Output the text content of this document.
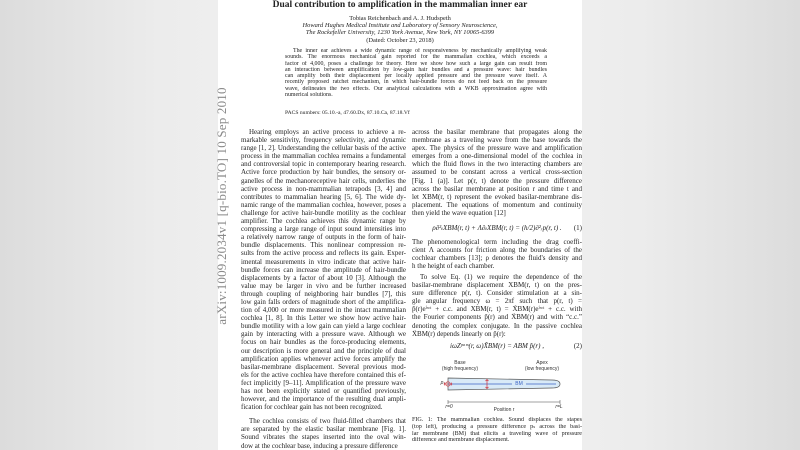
Dual contribution to amplification in the mammalian inner ear
Tobias Reichenbach and A. J. Hudspeth
Howard Hughes Medical Institute and Laboratory of Sensory Neuroscience,
The Rockefeller University, 1230 York Avenue, New York, NY 10065-6399
(Dated: October 23, 2018)
The inner ear achieves a wide dynamic range of responsiveness by mechanically amplifying weak
sounds. The enormous mechanical gain reported for the mammalian cochlea, which exceeds a
factor of 4,000, poses a challenge for theory. Here we show how such a large gain can result from
an interaction between amplification by low-gain hair bundles and a pressure wave: hair bundles
can amplify both their displacement per locally applied pressure and the pressure wave itself. A
recently proposed ratchet mechanism, in which hair-bundle forces do not feed back on the pressure
wave, delineates the two effects. Our analytical calculations with a WKB approximation agree with
numerical solutions.
PACS numbers: 05.10.-a, 47.60.Dx, 87.10.Ca, 87.18.Vf
arXiv:1009.2034v1 [q-bio.TO] 10 Sep 2010	Hearing employs an active process to achieve a re-
markable sensitivity, frequency selectivity, and dynamic
range [1, 2]. Understanding the cellular basis of the active
process in the mammalian cochlea remains a fundamental
and controversial topic in contemporary hearing research.
Active force production by hair bundles, the sensory or-
ganelles of the mechanoreceptive hair cells, underlies the
active process in non-mammalian tetrapods [3, 4] and
contributes to mammalian hearing [5, 6]. The wide dy-
namic range of the mammalian cochlea, however, poses a
challenge for active hair-bundle motility as the cochlear
amplifier. The cochlea achieves this dynamic range by
compressing a large range of input sound intensities into
a relatively narrow range of outputs in the form of hair-
bundle displacements. This nonlinear compression re-
sults from the active process and reflects its gain. Exper-
imental measurements in vitro indicate that active hair-
bundle forces can increase the amplitude of hair-bundle
displacements by a factor of about 10 [3]. Although the
value may be larger in vivo and be further increased
through coupling of neighboring hair bundles [7], this
low gain falls orders of magnitude short of the amplifica-
tion of 4,000 or more measured in the intact mammalian
cochlea [1, 8]. In this Letter we show how active hair-
bundle motility with a low gain can yield a large cochlear
gain by interacting with a pressure wave. Although we
focus on hair bundles as the force-producing elements,
our description is more general and the principle of dual
amplification applies whenever active forces amplify the
basilar-membrane displacement. Several previous mod-
els for the active cochlea have therefore contained this ef-
fect implicitly [9–11]. Amplification of the pressure wave
has not been explicitly stated or quantified previously,
however, and the importance of the resulting dual ampli-
fication for cochlear gain has not been recognized.
The cochlea consists of two fluid-filled chambers that
are separated by the elastic basilar membrane [Fig. 1].
Sound vibrates the stapes inserted into the oval win-
dow at the cochlear base, inducing a pressure difference
across the basilar membrane that propagates along the
membrane as a traveling wave from the base towards the
apex. The physics of the pressure wave and amplification
emerges from a one-dimensional model of the cochlea in
which the fluid flows in the two interacting chambers are
assumed to be constant across a vertical cross-section
[Fig. 1 (a)]. Let p(r, t) denote the pressure difference
across the basilar membrane at position r and time t and
let XBM(r, t) represent the evoked basilar-membrane dis-
placement. The equations of momentum and continuity
then yield the wave equation [12]
ρ∂²ₜXBM(r, t) + Λ∂ₜXBM(r, t) = (h/2)∂²ᵣp(r, t) . (1)
The phenomenological term including the drag coeffi-
cient Λ accounts for friction along the boundaries of the
cochlear chambers [13]; ρ denotes the fluid's density and
h the height of each chamber.
To solve Eq. (1) we require the dependence of the
basilar-membrane displacement XBM(r, t) on the pres-
sure difference p(r, t). Consider stimulation at a sin-
gle angular frequency ω = 2πf such that p(r, t) =
p̃(r)eⁱʷᵗ + c.c. and XBM(r, t) = X̃BM(r)eⁱʷᵗ + c.c. with
the Fourier components p̃(r) and X̃BM(r) and with “c.c.”
denoting the complex conjugate. In the passive cochlea
X̃BM(r) depends linearly on p̃(r):
iωZᵖᵃˢˢ(r, ω)X̃BM(r) = ABM p̃(r) ,	(2)
Base
(high frequency)
Apex
(low frequency)
pₛ	BM
r=0	r=L
Position r
FIG. 1: The mammalian cochlea. Sound displaces the stapes
(top left), producing a pressure difference pₛ across the basi-
lar membrane (BM) that elicits a traveling wave of pressure
difference and membrane displacement.
